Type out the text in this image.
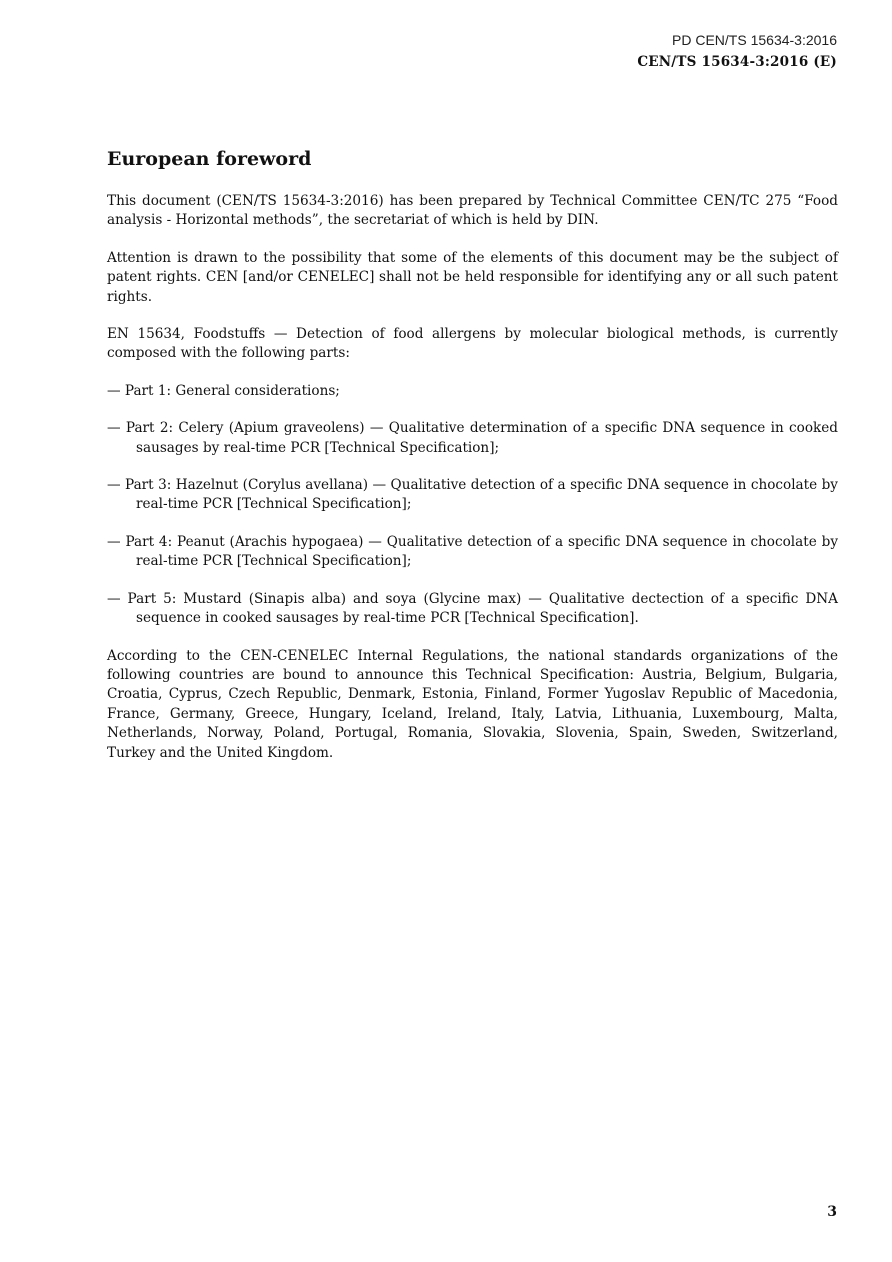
PD CEN/TS 15634-3:2016
CEN/TS 15634-3:2016 (E)
European foreword

This document (CEN/TS 15634-3:2016) has been prepared by Technical Committee CEN/TC 275 “Food analysis - Horizontal methods”, the secretariat of which is held by DIN.

Attention is drawn to the possibility that some of the elements of this document may be the subject of patent rights. CEN [and/or CENELEC] shall not be held responsible for identifying any or all such patent rights.

EN 15634, Foodstuffs — Detection of food allergens by molecular biological methods, is currently composed with the following parts:

— Part 1: General considerations;
— Part 2: Celery (Apium graveolens) — Qualitative determination of a specific DNA sequence in cooked sausages by real-time PCR [Technical Specification];
— Part 3: Hazelnut (Corylus avellana) — Qualitative detection of a specific DNA sequence in chocolate by real-time PCR [Technical Specification];
— Part 4: Peanut (Arachis hypogaea) — Qualitative detection of a specific DNA sequence in chocolate by real-time PCR [Technical Specification];
— Part 5: Mustard (Sinapis alba) and soya (Glycine max) — Qualitative dectection of a specific DNA sequence in cooked sausages by real-time PCR [Technical Specification].

According to the CEN-CENELEC Internal Regulations, the national standards organizations of the following countries are bound to announce this Technical Specification: Austria, Belgium, Bulgaria, Croatia, Cyprus, Czech Republic, Denmark, Estonia, Finland, Former Yugoslav Republic of Macedonia, France, Germany, Greece, Hungary, Iceland, Ireland, Italy, Latvia, Lithuania, Luxembourg, Malta, Netherlands, Norway, Poland, Portugal, Romania, Slovakia, Slovenia, Spain, Sweden, Switzerland, Turkey and the United Kingdom.

3
